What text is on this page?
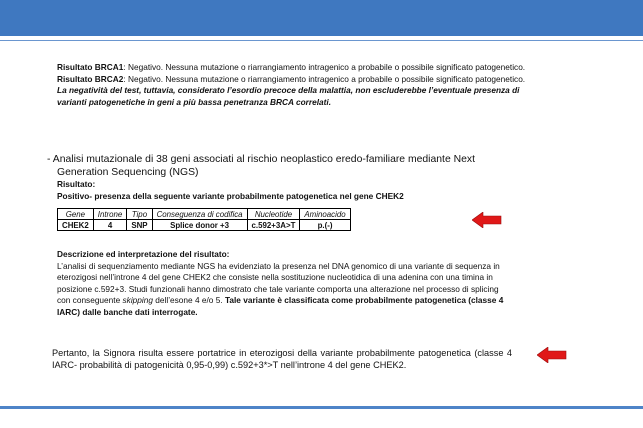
Risultato BRCA1: Negativo. Nessuna mutazione o riarrangiamento intragenico a probabile o possibile significato patogenetico.
Risultato BRCA2: Negativo. Nessuna mutazione o riarrangiamento intragenico a probabile o possibile significato patogenetico.
La negatività del test, tuttavia, considerato l’esordio precoce della malattia, non escluderebbe l’eventuale presenza di varianti patogenetiche in geni a più bassa penetranza BRCA correlati.
- Analisi mutazionale di 38 geni associati al rischio neoplastico eredo-familiare mediante Next
Generation Sequencing (NGS)
Risultato:
Positivo- presenza della seguente variante probabilmente patogenetica nel gene CHEK2
Gene	Introne	Tipo	Conseguenza di codifica	Nucleotide	Aminoacido
CHEK2	4	SNP	Splice donor +3	c.592+3A>T	p.(-)
Descrizione ed interpretazione del risultato:
L’analisi di sequenziamento mediante NGS ha evidenziato la presenza nel DNA genomico di una variante di sequenza in eterozigosi nell’introne 4 del gene CHEK2 che consiste nella sostituzione nucleotidica di una adenina con una timina in posizione c.592+3. Studi funzionali hanno dimostrato che tale variante comporta una alterazione nel processo di splicing con conseguente skipping dell’esone 4 e/o 5. Tale variante è classificata come probabilmente patogenetica (classe 4 IARC) dalle banche dati interrogate.
Pertanto, la Signora risulta essere portatrice in eterozigosi della variante probabilmente patogenetica (classe 4 IARC- probabilità di patogenicità 0,95-0,99) c.592+3*>T nell’introne 4 del gene CHEK2.
